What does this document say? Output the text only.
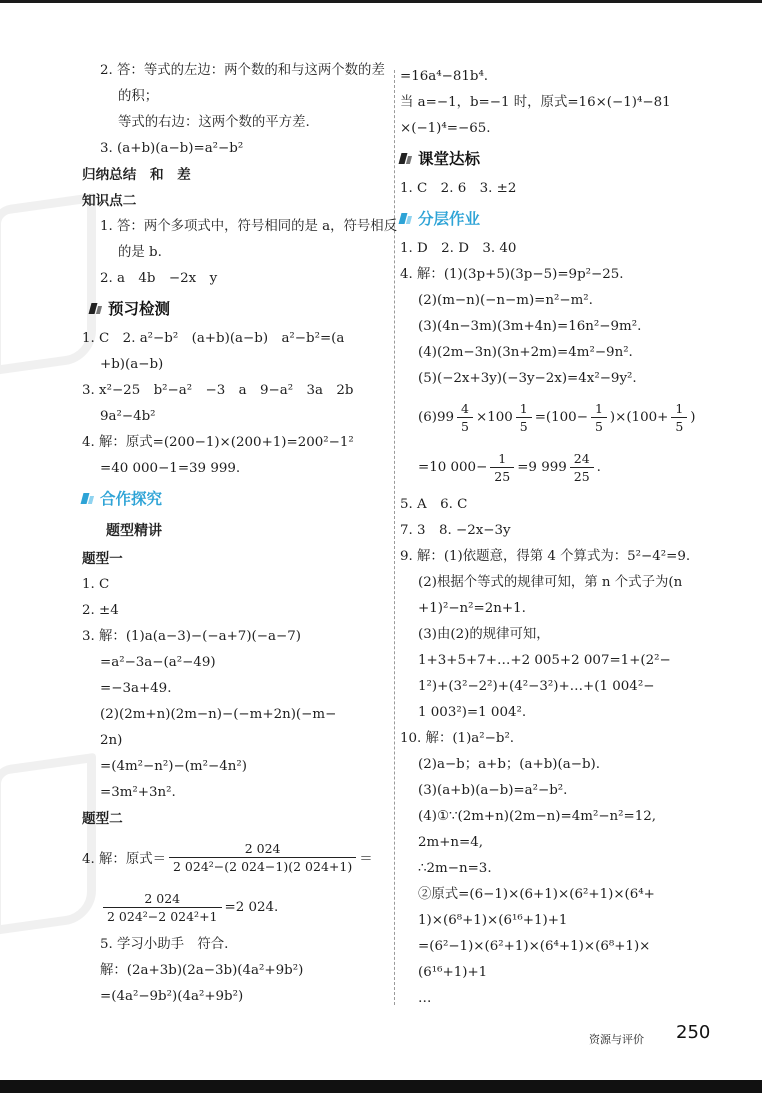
2. 答：等式的左边：两个数的和与这两个数的差
的积；
等式的右边：这两个数的平方差.
3. (a+b)(a−b)=a²−b²
归纳总结　和　差
知识点二
1. 答：两个多项式中，符号相同的是 a，符号相反
的是 b.
2. a　4b　−2x　y
预习检测
1. C　2. a²−b²　(a+b)(a−b)　a²−b²=(a
+b)(a−b)
3. x²−25　b²−a²　−3　a　9−a²　3a　2b
9a²−4b²
4. 解：原式=(200−1)×(200+1)=200²−1²
=40 000−1=39 999.
合作探究
题型精讲
题型一
1. C
2. ±4
3. 解：(1)a(a−3)−(−a+7)(−a−7)
=a²−3a−(a²−49)
=−3a+49.
(2)(2m+n)(2m−n)−(−m+2n)(−m−
2n)
=(4m²−n²)−(m²−4n²)
=3m²+3n².
题型二
4. 解：原式＝ $\frac{2 024}{\text{2 024²−(2 024−1)(2 024+1)}}$ ＝
$\frac{2 024}{\text{2 024²−2 024²+1}} =2$ 024.
5. 学习小助手　符合.
解：(2a+3b)(2a−3b)(4a²+9b²)
=(4a²−9b²)(4a²+9b²)
=16a⁴−81b⁴.
当 a=−1，b=−1 时，原式=16×(−1)⁴−81
×(−1)⁴=−65.
课堂达标
1. C　2. 6　3. ±2
分层作业
1. D　2. D　3. 40
4. 解：(1)(3p+5)(3p−5)=9p²−25.
(2)(m−n)(−n−m)=n²−m².
(3)(4n−3m)(3m+4n)=16n²−9m².
(4)(2m−3n)(3n+2m)=4m²−9n².
(5)(−2x+3y)(−3y−2x)=4x²−9y².
$(6)99 \frac{4}{5} \times 100 \frac{1}{5} =(100- \frac{1}{5} )\times(100+ \frac{1}{5}$ )
=10 $000- \frac{1}{25} =9$ $999 \frac{24}{25}$ .
5. A　6. C
7. 3　8. −2x−3y
9. 解：(1)依题意，得第 4 个算式为：5²−4²=9.
(2)根据个等式的规律可知，第 n 个式子为(n
+1)²−n²=2n+1.
(3)由(2)的规律可知，
1+3+5+7+…+2 005+2 007=1+(2²−
1²)+(3²−2²)+(4²−3²)+…+(1 004²−
1 003²)=1 004².
10. 解：(1)a²−b².
(2)a−b；a+b；(a+b)(a−b).
(3)(a+b)(a−b)=a²−b².
(4)①∵(2m+n)(2m−n)=4m²−n²=12,
2m+n=4,
∴2m−n=3.
②原式=(6−1)×(6+1)×(6²+1)×(6⁴+
1)×(6⁸+1)×(6¹⁶+1)+1
=(6²−1)×(6²+1)×(6⁴+1)×(6⁸+1)×
(6¹⁶+1)+1
…
资源与评价 250
